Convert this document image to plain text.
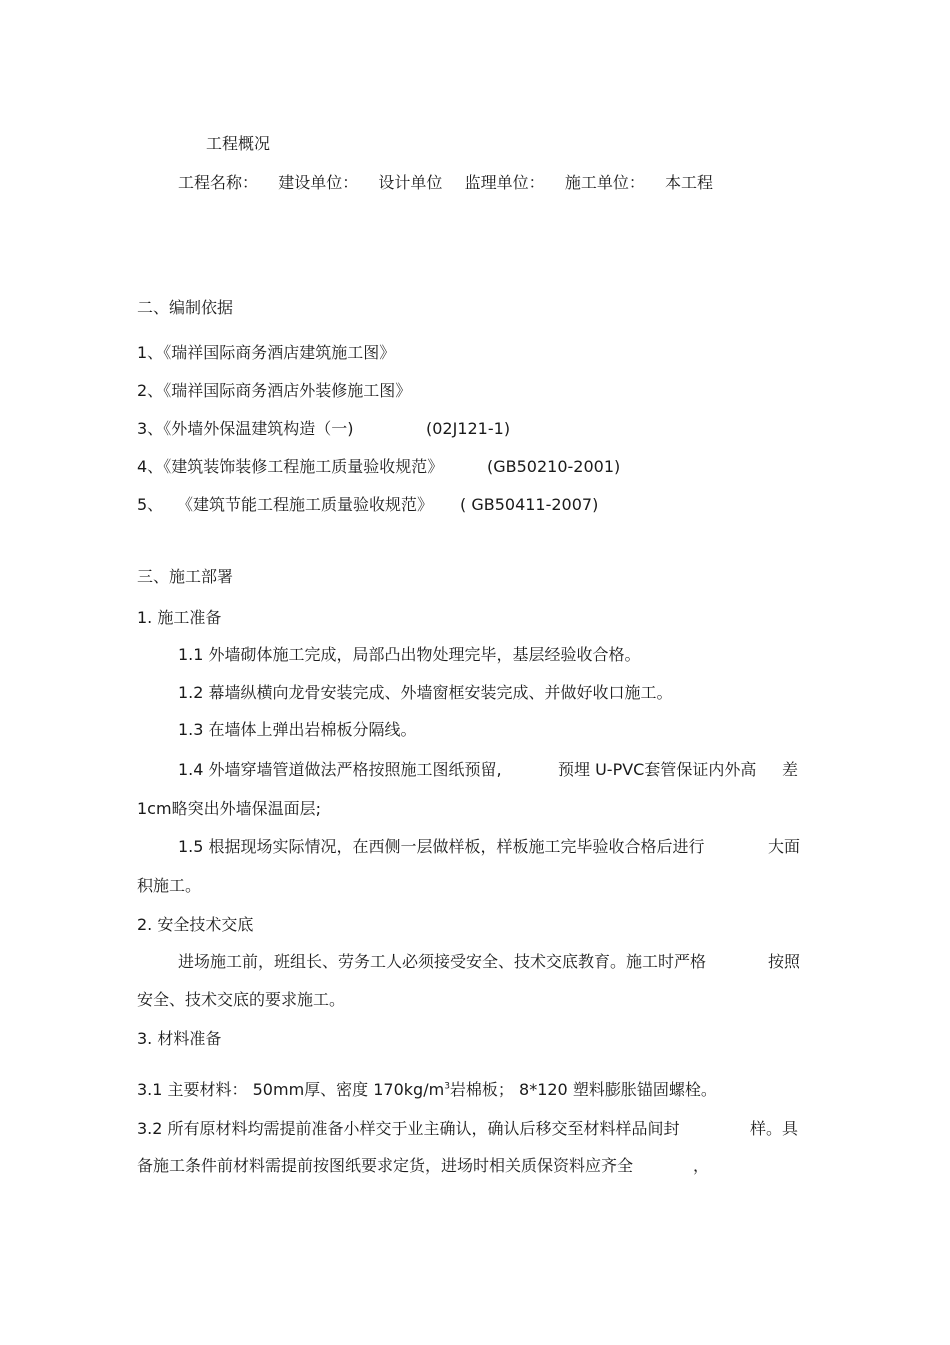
工程概况
工程名称： 建设单位： 设计单位 监理单位： 施工单位： 本工程
二、编制依据
1、《瑞祥国际商务酒店建筑施工图》
2、《瑞祥国际商务酒店外装修施工图》
3、《外墙外保温建筑构造（一)	(02J121-1)
4、《建筑装饰装修工程施工质量验收规范》	(GB50210-2001)
5、 《建筑节能工程施工质量验收规范》 ( GB50411-2007)
三、施工部署
1. 施工准备
1.1 外墙砌体施工完成，局部凸出物处理完毕，基层经验收合格。
1.2 幕墙纵横向龙骨安装完成、外墙窗框安装完成、并做好收口施工。
1.3 在墙体上弹出岩棉板分隔线。
1.4 外墙穿墙管道做法严格按照施工图纸预留,	预埋 U-PVC套管保证内外高 差
1cm略突出外墙保温面层;
1.5 根据现场实际情况，在西侧一层做样板，样板施工完毕验收合格后进行	大面
积施工。
2. 安全技术交底
进场施工前，班组长、劳务工人必须接受安全、技术交底教育。施工时严格	按照
安全、技术交底的要求施工。
3. 材料准备
3.1 主要材料： 50mm厚、密度 $170kg/m^3$岩棉板； 8*120 塑料膨胀锚固螺栓。
3.2 所有原材料均需提前准备小样交于业主确认，确认后移交至材料样品间封	样。具
备施工条件前材料需提前按图纸要求定货，进场时相关质保资料应齐全	，
